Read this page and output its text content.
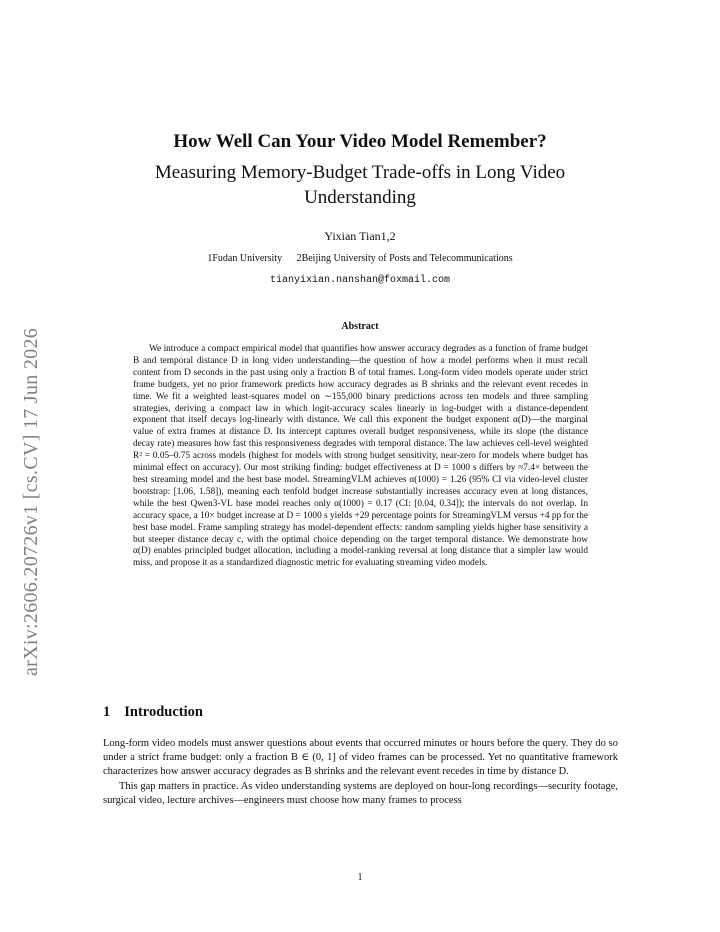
arXiv:2606.20726v1 [cs.CV] 17 Jun 2026
How Well Can Your Video Model Remember?
Measuring Memory-Budget Trade-offs in Long Video Understanding
Yixian Tian1,2
1Fudan University 2Beijing University of Posts and Telecommunications
tianyixian.nanshan@foxmail.com
Abstract

We introduce a compact empirical model that quantifies how answer accuracy degrades as a function of frame budget B and temporal distance D in long video understanding—the question of how a model performs when it must recall content from D seconds in the past using only a fraction B of total frames. Long-form video models operate under strict frame budgets, yet no prior framework predicts how accuracy degrades as B shrinks and the relevant event recedes in time. We fit a weighted least-squares model on ∼155,000 binary predictions across ten models and three sampling strategies, deriving a compact law in which logit-accuracy scales linearly in log-budget with a distance-dependent exponent that itself decays log-linearly with distance. We call this exponent the budget exponent α(D)—the marginal value of extra frames at distance D. Its intercept captures overall budget responsiveness, while its slope (the distance decay rate) measures how fast this responsiveness degrades with temporal distance. The law achieves cell-level weighted R² = 0.05–0.75 across models (highest for models with strong budget sensitivity, near-zero for models where budget has minimal effect on accuracy). Our most striking finding: budget effectiveness at D = 1000 s differs by ≈7.4× between the best streaming model and the best base model. StreamingVLM achieves α(1000) = 1.26 (95% CI via video-level cluster bootstrap: [1.06, 1.58]), meaning each tenfold budget increase substantially increases accuracy even at long distances, while the best Qwen3-VL base model reaches only α(1000) = 0.17 (CI: [0.04, 0.34]); the intervals do not overlap. In accuracy space, a 10× budget increase at D = 1000 s yields +29 percentage points for StreamingVLM versus +4 pp for the best base model. Frame sampling strategy has model-dependent effects: random sampling yields higher base sensitivity a but steeper distance decay c, with the optimal choice depending on the target temporal distance. We demonstrate how α(D) enables principled budget allocation, including a model-ranking reversal at long distance that a simpler law would miss, and propose it as a standardized diagnostic metric for evaluating streaming video models.

1 Introduction

Long-form video models must answer questions about events that occurred minutes or hours before the query. They do so under a strict frame budget: only a fraction B ∈ (0, 1] of video frames can be processed. Yet no quantitative framework characterizes how answer accuracy degrades as B shrinks and the relevant event recedes in time by distance D.

This gap matters in practice. As video understanding systems are deployed on hour-long recordings—security footage, surgical video, lecture archives—engineers must choose how many frames to process

1
